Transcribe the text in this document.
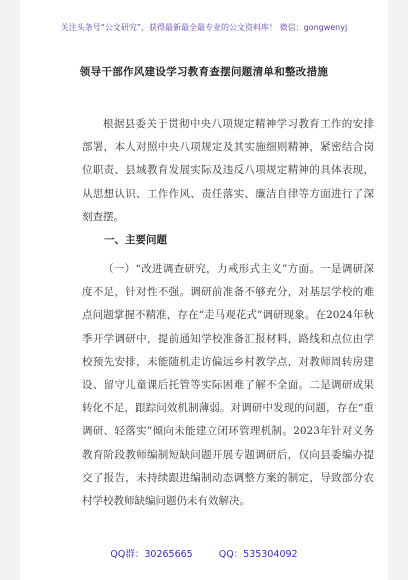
关注头条号“公文研究”，获得最新最全最专业的公文资料库！ 微信：gongwenyj
领导干部作风建设学习教育查摆问题清单和整改措施

根据县委关于贯彻中央八项规定精神学习教育工作的安排部署，本人对照中央八项规定及其实施细则精神，紧密结合岗位职责、县域教育发展实际及违反八项规定精神的具体表现，从思想认识、工作作风、责任落实、廉洁自律等方面进行了深刻查摆。

一、主要问题

（一）“改进调查研究，力戒形式主义”方面。一是调研深度不足，针对性不强。调研前准备不够充分，对基层学校的难点问题掌握不精准，存在“走马观花式”调研现象。在2024年秋季开学调研中，提前通知学校准备汇报材料，路线和点位由学校预先安排，未能随机走访偏远乡村教学点，对教师周转房建设、留守儿童课后托管等实际困难了解不全面。二是调研成果转化不足，跟踪问效机制薄弱。对调研中发现的问题，存在“重调研、轻落实”倾向未能建立闭环管理机制。2023年针对义务教育阶段教师编制短缺问题开展专题调研后，仅向县委编办提交了报告，未持续跟进编制动态调整方案的制定，导致部分农村学校教师缺编问题仍未有效解决。

QQ群：30265665	QQ：535304092
